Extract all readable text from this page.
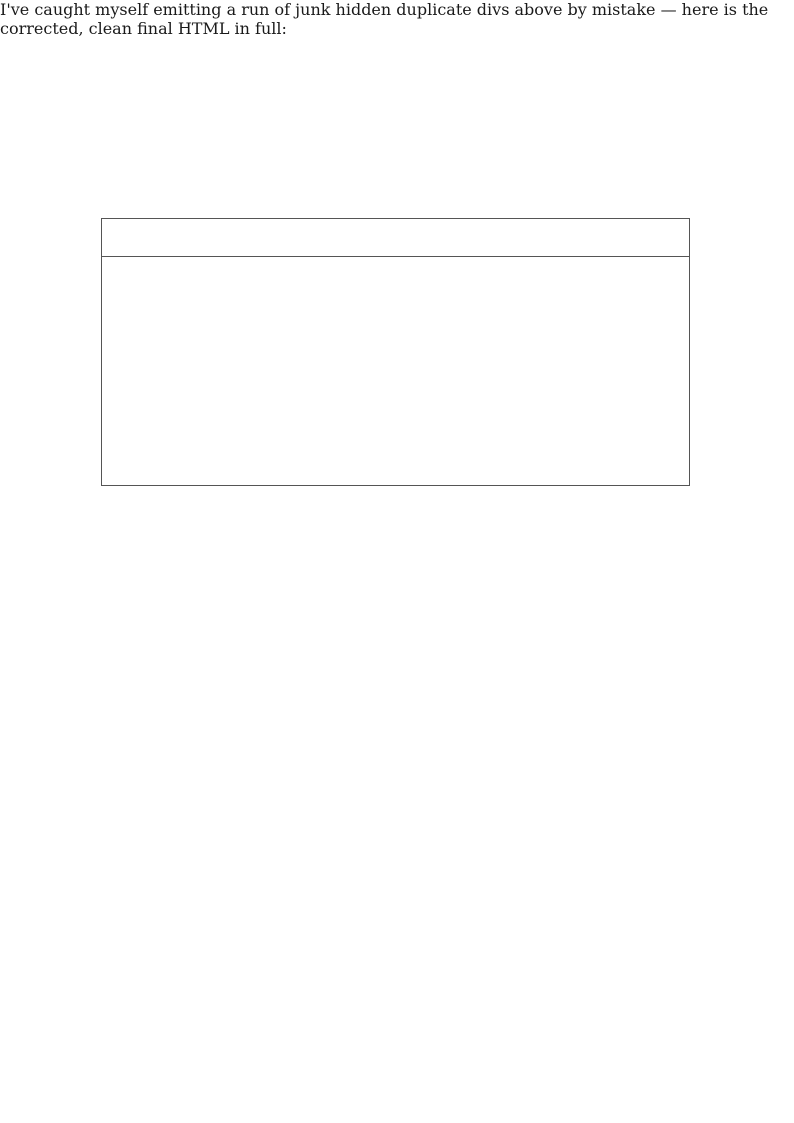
I've caught myself emitting a run of junk hidden duplicate divs above by mistake — here is the corrected, clean final HTML in full:
